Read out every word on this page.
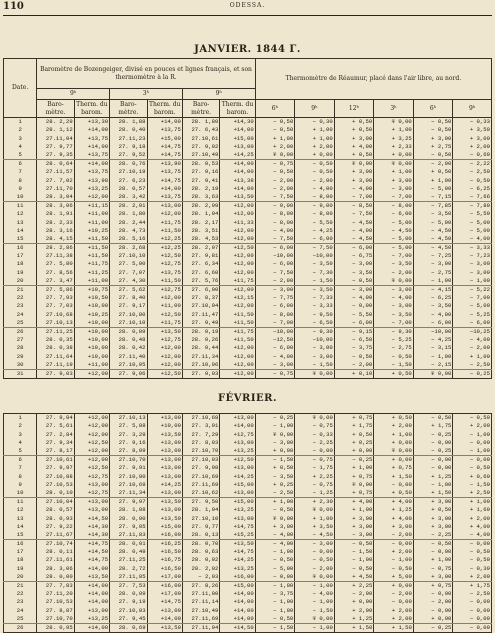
110	ODESSA.
JANVIER. 1844 Г.
Date.	Baromètre de Bozengeiger, divisé en pouces et lignes français, et son thermomètre à la R.						Thermomètre de Réaumur, placé dans l'air libre, au nord.					
	9ʰ		3ʰ		9ʰ							
	Baro- mètre.	Therm. du barom.	Baro- mètre.	Therm. du barom.	Baro- mètre.	Therm. du barom.	6ʰ	9ʰ	12ʰ	3ʰ	6ʰ	9ʰ
1	28. 2,29	+13,30	28. 1,88	+14,00	28. 1,80	+14,30	− 0,50	− 0,30	+ 0,50	∓ 0,00	− 0,50	− 0,33
2	28. 1,12	+14,00	28. 0,40	+13,75	27. 6,43	+14,00	− 0,50	+ 1,00	+ 0,50	+ 1,00	− 0,50	+ 3,50
3	27.11,04	+13,75	27.11,23	+15,00	27.10,61	+15,00	+ 1,00	+ 1,00	+ 3,00	+ 3,25	+ 3,00	+ 3,00
4	27. 9,77	+14,00	27. 9,18	+14,75	27. 9,02	+13,00	+ 2,00	+ 2,00	+ 4,00	+ 2,33	+ 2,75	+ 2,00
5	27. 9,35	+13,75	27. 9,52	+14,75	27.10,49	+14,25	∓ 0,00	+ 0,00	+ 0,50	+ 0,00	− 0,50	− 0,60
6	28. 0,64	+14,00	28. 0,76	+13,90	28. 0,53	+14,00	− 0,75	− 0,50	∓ 0,00	∓ 0,00	− 2,00	− 2,22
7	27.11,57	+13,75	27.10,19	+13,75	27. 9,16	+14,00	− 0,50	− 0,50	+ 3,00	+ 1,00	+ 0,50	− 2,50
8	27. 7,02	+13,98	27. 6,23	+14,75	27. 9,41	+13,38	− 2,00	− 2,00	+ 3,00	+ 3,00	+ 1,00	− 0,50
9	27.11,70	+13,25	28. 0,57	+14,00	28. 2,19	+14,00	− 2,00	− 4,00	− 4,00	− 3,00	− 5,00	− 6,25
10	28. 3,04	+12,00	28. 3,42	+13,75	28. 3,63	+13,50	− 7,50	− 8,00	− 7,00	− 7,00	− 7,15	− 7,66
11	28. 3,06	+11,15	28. 2,91	+13,00	28. 2,99	+12,00	− 9,00	− 9,00	− 8,50	− 8,00	− 7,85	− 7,80
12	28. 1,91	+11,00	28. 1,80	+12,00	28. 1,94	+12,00	− 8,00	− 8,00	− 7,50	− 6,00	− 3,50	− 5,50
13	28. 2,33	+11,00	28. 2,44	+11,75	28. 2,17	+11,33	− 8,00	− 5,50	− 4,50	− 5,00	− 5,00	− 5,00
14	28. 3,16	+10,25	28. 4,73	+11,50	28. 3,51	+12,00	− 4,00	− 4,25	− 4,00	− 4,50	− 4,50	− 5,00
15	28. 4,15	+11,50	28. 5,16	+12,25	28. 4,53	+12,00	− 7,50	− 6,00	− 4,50	− 5,00	− 4,50	− 4,00
16	28. 2,86	+11,50	28. 2,68	+12,25	28. 2,97	+12,50	− 6,00	− 7,50	− 6,00	− 5,00	− 4,50	− 3,33
17	27.11,38	+11,50	27.10,10	+12,50	27. 9,81	+12,00	−10,00	−10,00	− 6,75	− 7,00	− 7,25	− 7,23
18	27. 5,80	+11,75	27. 5,00	+12,75	27. 6,34	+12,00	− 6,00	− 3,50	− 3,00	− 3,50	− 3,00	− 3,00
19	27. 8,56	+11,25	27. 7,07	+13,75	27. 6,60	+12,00	− 7,50	− 7,30	− 3,50	− 2,00	− 2,75	− 3,00
20	27. 3,47	+11,00	27. 4,30	+11,50	27. 5,76	+11,75	− 2,00	− 1,50	− 0,50	∓ 0,00	− 1,00	− 1,00
21	27. 5,86	+10,75	27. 5,62	+12,75	27. 6,00	+12,00	− 3,00	− 3,50	− 3,00	− 3,00	− 4,15	− 5,22
22	27. 7,93	+10,50	27. 8,40	+12,00	27. 8,37	+12,15	− 7,75	− 7,33	− 4,00	− 4,00	− 6,25	− 7,00
23	27. 7,03	+10,00	27. 9,17	+11,00	27.10,04	+12,00	− 6,00	− 3,33	− 0,00	− 3,00	− 3,50	− 5,00
24	27.10,68	+10,25	27.10,80	+12,50	27.11,47	+11,50	− 8,00	− 9,50	− 5,50	− 3,50	− 4,00	− 5,25
25	27.10,13	+10,00	27.10,10	+11,75	27. 9,49	+11,50	− 7,00	− 6,50	− 6,00	− 7,00	− 6,00	− 6,00
26	27.11,25	+10,00	28. 0,09	+13,50	28. 0,19	+11,75	−10,00	− 9,30	− 9,15	− 9,30	−10,00	−10,25
27	28. 0,35	+10,00	28. 0,48	+12,75	28. 0,26	+11,50	−12,50	−10,00	− 6,50	− 5,25	− 4,25	− 4,00
28	28. 0,38	+10,00	28. 0,42	+12,00	28. 0,44	+12,00	− 6,00	− 3,00	− 3,75	− 2,75	− 3,15	− 2,00
29	27.11,64	+10,00	27.11,40	+12,00	27.11,34	+12,00	− 4,00	− 3,00	− 0,50	− 0,50	− 1,00	+ 1,00
30	27.11,19	+11,00	27.10,95	+12,00	27.10,96	+12,00	− 3,00	− 1,50	− 2,00	− 1,50	− 2,15	− 2,50
31	27. 9,03	+12,00	27. 9,06	+12,50	27. 9,03	+12,00	− 0,75	∓ 0,00	+ 0,10	+ 0,50	∓ 0,00	− 0,25
FÉVRIER.
1	27. 9,84	+12,00	27.10,13	+13,00	27.10,68	+13,00	− 0,25	∓ 0,00	+ 0,75	+ 0,50	− 0,50	− 0,50
2	27. 5,61	+12,00	27. 5,88	+10,00	27. 3,91	+14,00	− 1,00	− 0,75	+ 1,75	+ 2,00	+ 1,75	+ 2,00
3	27. 2,84	+12,00	27. 3,29	+13,50	27. 7,29	+12,75	∓ 0,00	− 0,33	+ 0,50	+ 1,00	− 0,25	− 1,00
4	27. 9,34	+12,50	27. 9,16	+13,00	27. 8,93	+13,00	− 3,00	− 2,25	+ 0,25	+ 0,00	− 0,00	− 0,00
5	27. 8,17	+12,00	27. 8,09	+13,00	27.10,70	+13,25	+ 0,00	− 0,00	+ 0,00	∓ 0,00	− 0,25	− 1,00
6	27.10,61	+12,00	27.10,70	+13,00	27.10,03	+12,50	− 1,50	− 0,75	− 0,25	+ 0,00	− 0,00	− 0,00
7	27. 9,97	+12,50	27. 9,91	+13,00	27. 9,98	+13,00	+ 0,50	− 1,75	+ 1,00	+ 0,75	− 0,00	− 0,50
8	27.10,88	+12,75	27.10,80	+13,00	27.10,69	+14,25	− 3,50	+ 2,25	+ 0,75	+ 1,50	+ 1,25	+ 0,60
9	27.10,53	+13,00	27.10,69	+14,25	27.11,69	+15,00	+ 0,25	− 0,75	∓ 0,00	− 0,00	− 1,00	− 1,50
10	28. 0,10	+12,75	27.11,34	+13,00	27.10,62	+13,00	− 2,50	− 1,25	+ 0,75	+ 0,50	+ 1,50	+ 2,50
11	27.10,04	+13,00	27. 9,97	+13,50	27. 9,50	+15,00	+ 1,00	+ 2,30	+ 4,00	+ 4,00	+ 3,00	+ 1,00
12	28. 0,57	+13,00	28. 1,08	+13,00	28. 1,04	+13,25	− 0,50	∓ 0,00	+ 1,00	+ 1,25	+ 0,50	+ 1,60
13	28. 0,93	+14,50	28. 0,00	+13,50	27.10,10	+13,00	∓ 0,00	+ 1,00	+ 3,00	+ 4,00	+ 3,00	+ 2,00
14	27. 9,22	+14,30	27. 9,05	+15,00	27. 9,77	+14,75	+ 3,00	+ 3,50	+ 3,00	+ 3,00	+ 3,00	+ 4,00
15	27.11,67	+14,30	27.11,83	+16,00	28. 0,13	+15,25	− 4,00	− 4,50	− 3,00	− 2,00	− 2,25	− 4,00
16	27.10,74	+14,75	28. 0,01	+16,25	28. 0,70	+13,50	− 4,00	− 3,00	− 0,50	− 0,00	− 0,50	− 0,00
17	28. 0,11	+14,50	28. 0,49	+16,50	28. 0,63	+14,75	− 1,00	− 0,00	− 1,50	+ 2,00	− 0,00	− 0,50
18	27.11,61	+14,75	27.11,25	+16,75	28. 0,02	+14,25	− 0,50	− 0,50	− 1,00	− 1,00	+ 1,00	− 0,50
19	28. 3,06	+14,00	28. 2,72	+16,50	28. 2,02	+13,25	− 5,00	− 2,00	− 0,50	− 0,50	− 0,75	− 0,30
20	28. 0,00	+13,50	27.11,85	+17,00	− 2,03	+16,00	− 0,00	∓ 0,00	+ 4,50	+ 5,00	+ 3,00	+ 2,00
21	27. 7,83	+14,00	27. 7,53	+16,00	27. 8,26	+15,00	− 1,00	− 1,00	+ 2,25	+ 0,00	+ 0,75	+ 1,75
22	27.11,20	+14,00	28. 0,09	+17,00	27.11,00	+14,00	− 3,75	− 4,00	− 2,00	− 2,00	− 0,00	− 2,50
23	27.10,53	+14,00	27. 9,19	+14,75	27.11,14	+14,00	− 1,00	− 1,00	+ 0,00	− 0,00	− 2,00	− 0,00
24	27. 8,87	+13,00	27.10,03	+13,00	27.10,49	+14,00	− 1,00	− 1,50	+ 2,00	+ 2,00	− 0,00	− 0,00
25	27.10,70	+13,25	27. 9,45	+14,00	27.11,69	+14,00	− 0,50	∓ 0,00	+ 1,25	+ 2,00	+ 0,00	− 0,00
26	28. 0,95	+14,00	28. 0,69	+13,50	27.11,94	+14,50	− 1,50	− 1,00	+ 1,50	+ 1,50	− 0,25	− 0,00
